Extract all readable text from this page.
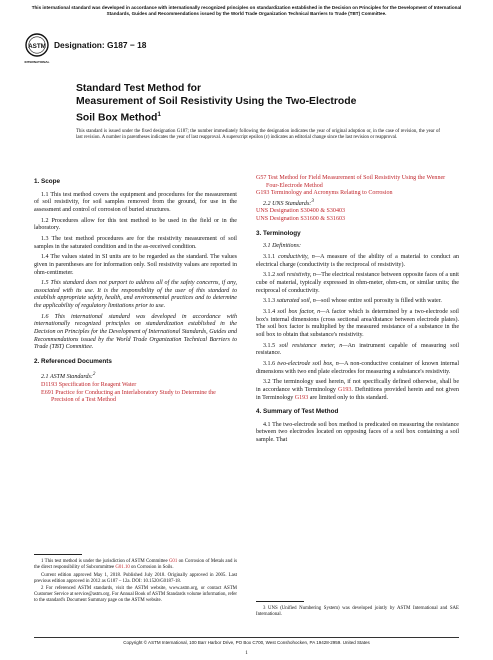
This international standard was developed in accordance with internationally recognized principles on standardization established in the Decision on Principles for the Development of International Standards, Guides and Recommendations issued by the World Trade Organization Technical Barriers to Trade (TBT) Committee.
ASTM
INTERNATIONAL
Designation: G187 − 18
Standard Test Method for
Measurement of Soil Resistivity Using the Two-Electrode
Soil Box Method$^1$
This standard is issued under the fixed designation G187; the number immediately following the designation indicates the year of original adoption or, in the case of revision, the year of last revision. A number in parentheses indicates the year of last reapproval. A superscript epsilon (ε) indicates an editorial change since the last revision or reapproval.

1. Scope

1.1 This test method covers the equipment and procedures for the measurement of soil resistivity, for soil samples removed from the ground, for use in the assessment and control of corrosion of buried structures.

1.2 Procedures allow for this test method to be used in the field or in the laboratory.

1.3 The test method procedures are for the resistivity measurement of soil samples in the saturated condition and in the as-received condition.

1.4 The values stated in SI units are to be regarded as the standard. The values given in parentheses are for information only. Soil resistivity values are reported in ohm-centimeter.

1.5 This standard does not purport to address all of the safety concerns, if any, associated with its use. It is the responsibility of the user of this standard to establish appropriate safety, health, and environmental practices and to determine the applicability of regulatory limitations prior to use.

1.6 This international standard was developed in accordance with internationally recognized principles on standardization established in the Decision on Principles for the Development of International Standards, Guides and Recommendations issued by the World Trade Organization Technical Barriers to Trade (TBT) Committee.

2. Referenced Documents

2.1 ASTM Standards:$^2$

D1193 Specification for Reagent Water

E691 Practice for Conducting an Interlaboratory Study to Determine the Precision of a Test Method

G57 Test Method for Field Measurement of Soil Resistivity Using the Wenner Four-Electrode Method

G193 Terminology and Acronyms Relating to Corrosion

2.2 UNS Standards:$^3$

UNS Designation S30400 & S30403

UNS Designation S31600 & S31603

3. Terminology

3.1 Definitions:

3.1.1 conductivity, n—A measure of the ability of a material to conduct an electrical charge (conductivity is the reciprocal of resistivity).

3.1.2 soil resistivity, n—The electrical resistance between opposite faces of a unit cube of material, typically expressed in ohm-meter, ohm-cm, or similar units; the reciprocal of conductivity.

3.1.3 saturated soil, n—soil whose entire soil porosity is filled with water.

3.1.4 soil box factor, n—A factor which is determined by a two-electrode soil box's internal dimensions (cross sectional area/distance between electrode plates). The soil box factor is multiplied by the measured resistance of a substance in the soil box to obtain that substance's resistivity.

3.1.5 soil resistance meter, n—An instrument capable of measuring soil resistance.

3.1.6 two-electrode soil box, n—A non-conductive container of known internal dimensions with two end plate electrodes for measuring a substance's resistivity.

3.2 The terminology used herein, if not specifically defined otherwise, shall be in accordance with Terminology G193. Definitions provided herein and not given in Terminology G193 are limited only to this standard.

4. Summary of Test Method

4.1 The two-electrode soil box method is predicated on measuring the resistance between two electrodes located on opposing faces of a soil box containing a soil sample. That

1 This test method is under the jurisdiction of ASTM Committee G01 on Corrosion of Metals and is the direct responsibility of Subcommittee G01.10 on Corrosion in Soils.

Current edition approved May 1, 2018. Published July 2018. Originally approved in 2005. Last previous edition approved in 2012 as G187 – 12a. DOI: 10.1520/G0187-18.

2 For referenced ASTM standards, visit the ASTM website, www.astm.org, or contact ASTM Customer Service at service@astm.org. For Annual Book of ASTM Standards volume information, refer to the standard's Document Summary page on the ASTM website.

3 UNS (Unified Numbering System) was developed jointly by ASTM International and SAE International.

Copyright © ASTM International, 100 Barr Harbor Drive, PO Box C700, West Conshohocken, PA 19428-2959. United States
1
